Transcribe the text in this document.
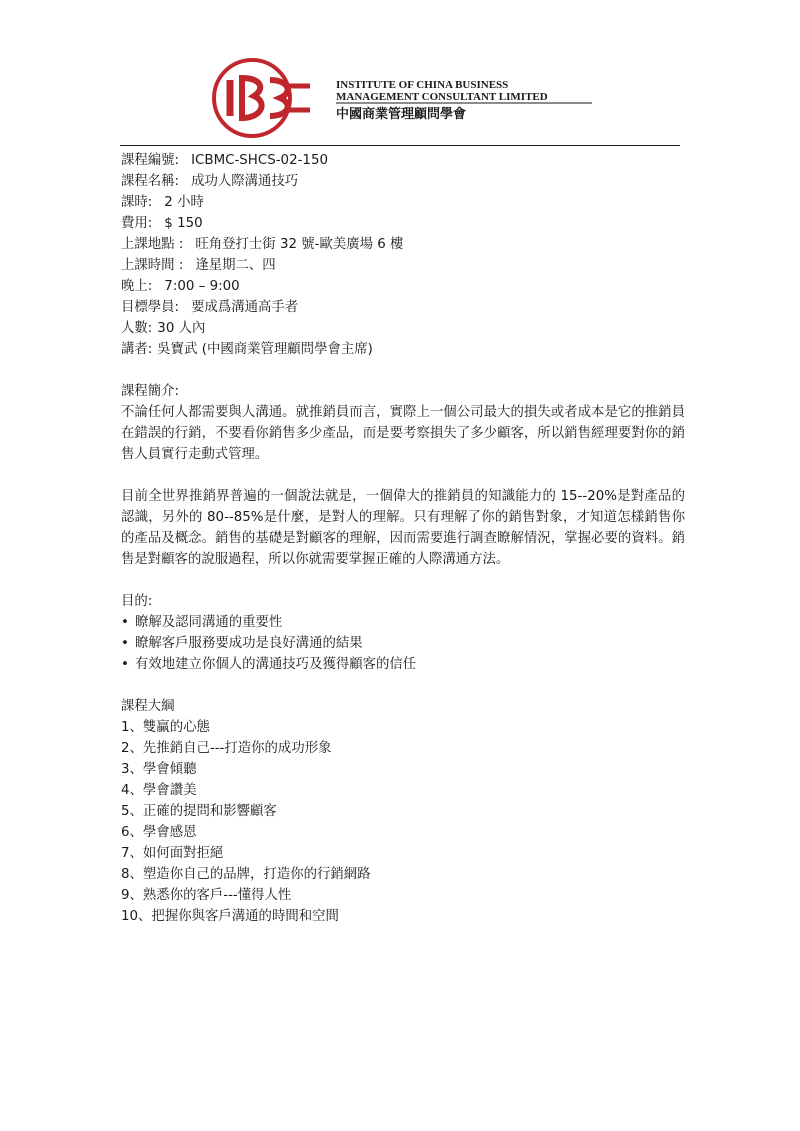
INSTITUTE OF CHINA BUSINESS
MANAGEMENT CONSULTANT LIMITED
中國商業管理顧問學會
課程編號: ICBMC-SHCS-02-150
課程名稱: 成功人際溝通技巧
課時: 2 小時
費用: $ 150
上課地點 : 旺角登打士街 32 號-歐美廣場 6 樓
上課時間 : 逢星期二、四
晚上: 7:00 – 9:00
目標學員: 要成爲溝通高手者
人數: 30 人內
講者: 吳寶武 (中國商業管理顧問學會主席)
課程簡介:
不論任何人都需要與人溝通。就推銷員而言，實際上一個公司最大的損失或者成本是它的推銷員在錯誤的行銷，不要看你銷售多少產品，而是要考察損失了多少顧客，所以銷售經理要對你的銷售人員實行走動式管理。
目前全世界推銷界普遍的一個說法就是，一個偉大的推銷員的知識能力的 15--20%是對產品的認識，另外的 80--85%是什麼，是對人的理解。只有理解了你的銷售對象，才知道怎樣銷售你的產品及概念。銷售的基礎是對顧客的理解，因而需要進行調查瞭解情況，掌握必要的資料。銷售是對顧客的說服過程，所以你就需要掌握正確的人際溝通方法。
目的:
• 瞭解及認同溝通的重要性
• 瞭解客戶服務要成功是良好溝通的結果
• 有效地建立你個人的溝通技巧及獲得顧客的信任
課程大綱
1、雙贏的心態
2、先推銷自己---打造你的成功形象
3、學會傾聽
4、學會讚美
5、正確的提問和影響顧客
6、學會感恩
7、如何面對拒絕
8、塑造你自己的品牌，打造你的行銷網路
9、熟悉你的客戶---懂得人性
10、把握你與客戶溝通的時間和空間
